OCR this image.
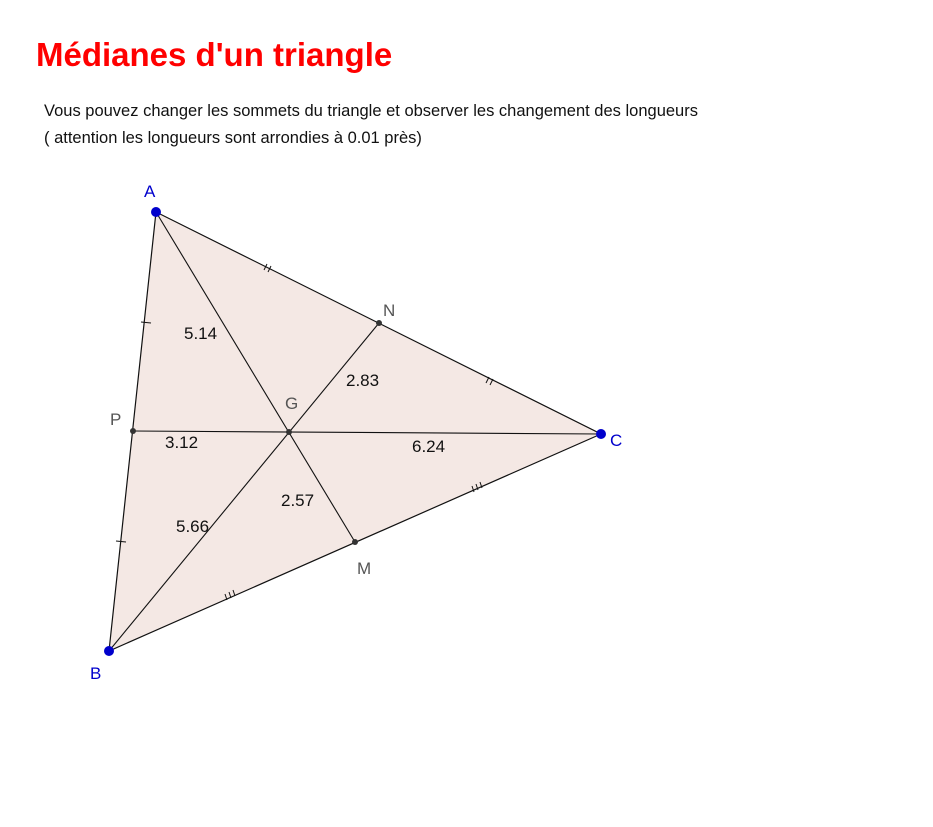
Médianes d'un triangle

Vous pouvez changer les sommets du triangle et observer les changement des longueurs

( attention les longueurs sont arrondies à 0.01 près)

A
B
C
N
P
M
G
5.14
2.83
3.12	6.24
2.57
5.66
